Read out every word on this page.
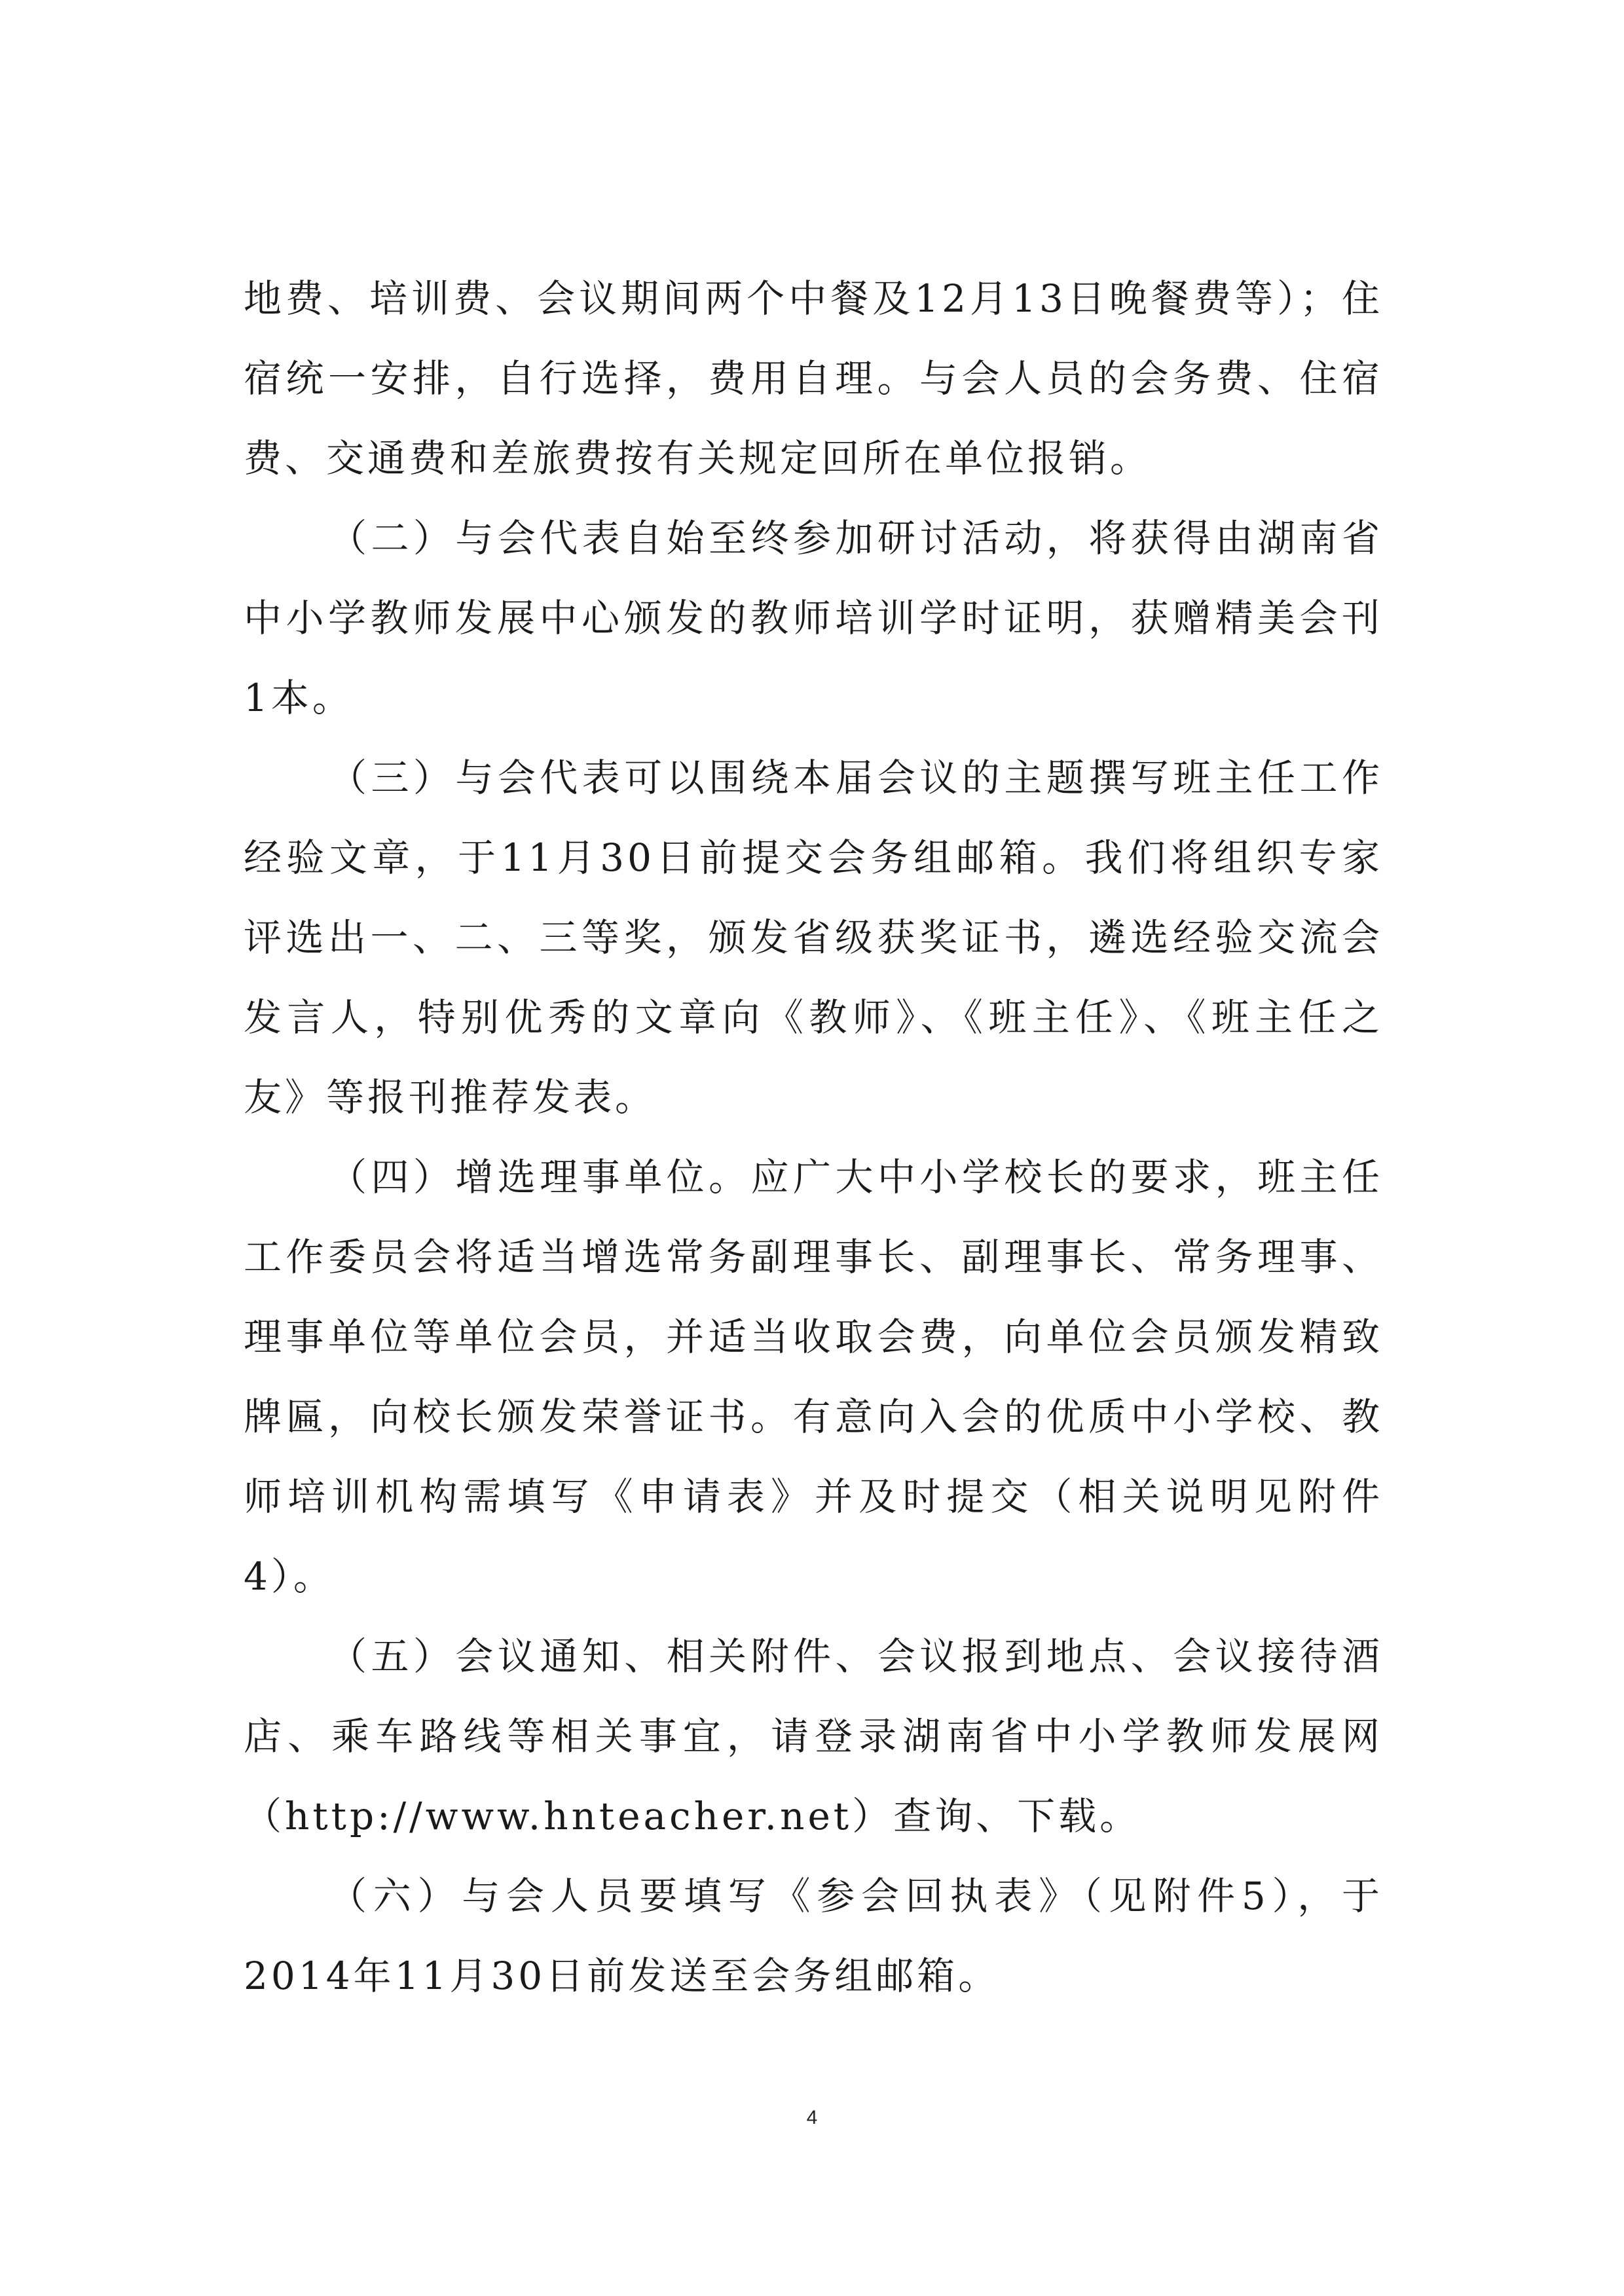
地费、培训费、会议期间两个中餐及12月13日晚餐费等）；住宿统一安排，自行选择，费用自理。与会人员的会务费、住宿费、交通费和差旅费按有关规定回所在单位报销。

（二）与会代表自始至终参加研讨活动，将获得由湖南省中小学教师发展中心颁发的教师培训学时证明，获赠精美会刊1本。

（三）与会代表可以围绕本届会议的主题撰写班主任工作经验文章，于11月30日前提交会务组邮箱。我们将组织专家评选出一、二、三等奖，颁发省级获奖证书，遴选经验交流会发言人，特别优秀的文章向《教师》、《班主任》、《班主任之友》等报刊推荐发表。

（四）增选理事单位。应广大中小学校长的要求，班主任工作委员会将适当增选常务副理事长、副理事长、常务理事、理事单位等单位会员，并适当收取会费，向单位会员颁发精致牌匾，向校长颁发荣誉证书。有意向入会的优质中小学校、教师培训机构需填写《申请表》并及时提交（相关说明见附件4）。

（五）会议通知、相关附件、会议报到地点、会议接待酒店、乘车路线等相关事宜，请登录湖南省中小学教师发展网（http://www.hnteacher.net）查询、下载。

（六）与会人员要填写《参会回执表》（见附件5），于2014年11月30日前发送至会务组邮箱。

4
